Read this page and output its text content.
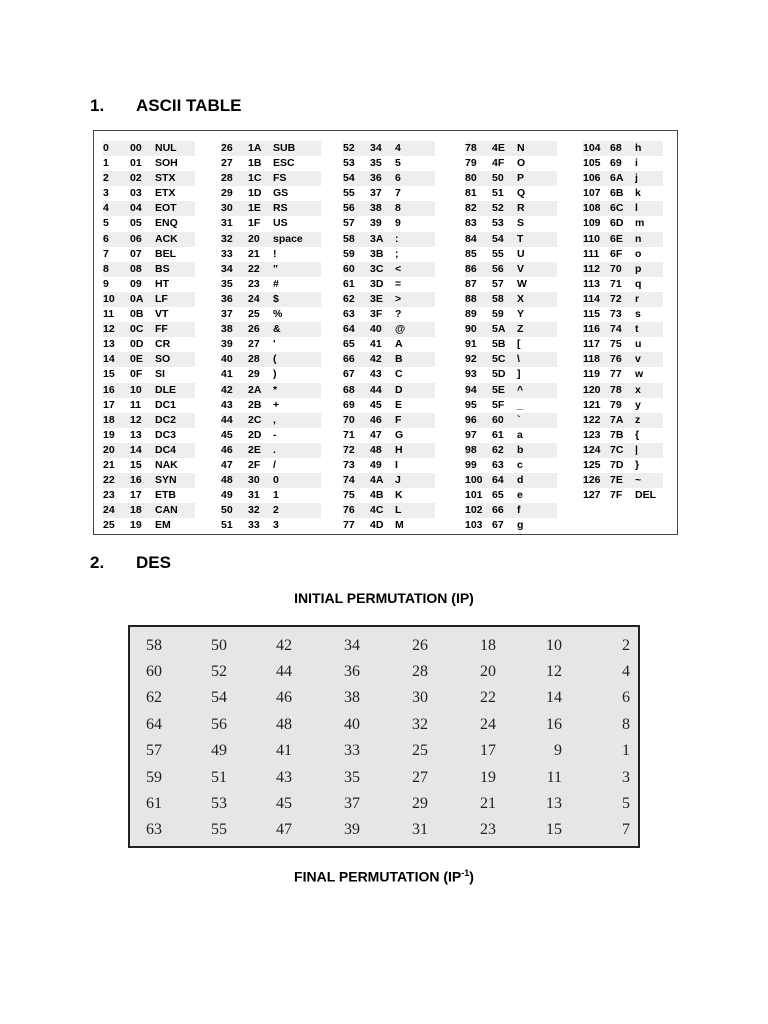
1. ASCII TABLE
0 00 NUL
1 01 SOH
2 02 STX
3 03 ETX
4 04 EOT
5 05 ENQ
6 06 ACK
7 07 BEL
8 08 BS
9 09 HT
10 0A LF
11 0B VT
12 0C FF
13 0D CR
14 0E SO
15 0F SI
16 10 DLE
17 11 DC1
18 12 DC2
19 13 DC3
20 14 DC4
21 15 NAK
22 16 SYN
23 17 ETB
24 18 CAN
25 19 EM
26 1A SUB
27 1B ESC
28 1C FS
29 1D GS
30 1E RS
31 1F US
32 20 space
33 21 !
34 22 "
35 23 #
36 24 $
37 25 %
38 26 &
39 27 '
40 28 (
41 29 )
42 2A *
43 2B +
44 2C ,
45 2D -
46 2E .
47 2F /
48 30 0
49 31 1
50 32 2
51 33 3
52 34 4
53 35 5
54 36 6
55 37 7
56 38 8
57 39 9
58 3A :
59 3B ;
60 3C <
61 3D =
62 3E >
63 3F ?
64 40 @
65 41 A
66 42 B
67 43 C
68 44 D
69 45 E
70 46 F
71 47 G
72 48 H
73 49 I
74 4A J
75 4B K
76 4C L
77 4D M
78 4E N
79 4F O
80 50 P
81 51 Q
82 52 R
83 53 S
84 54 T
85 55 U
86 56 V
87 57 W
88 58 X
89 59 Y
90 5A Z
91 5B [
92 5C \
93 5D ]
94 5E ^
95 5F _
96 60 `
97 61 a
98 62 b
99 63 c
100 64 d
101 65 e
102 66 f
103 67 g
104 68 h
105 69 i
106 6A j
107 6B k
108 6C l
109 6D m
110 6E n
111 6F o
112 70 p
113 71 q
114 72 r
115 73 s
116 74 t
117 75 u
118 76 v
119 77 w
120 78 x
121 79 y
122 7A z
123 7B {
124 7C |
125 7D }
126 7E ~
127 7F DEL
2. DES
INITIAL PERMUTATION (IP)
58	50	42	34	26	18	10	2
60	52	44	36	28	20	12	4
62	54	46	38	30	22	14	6
64	56	48	40	32	24	16	8
57	49	41	33	25	17	9	1
59	51	43	35	27	19	11	3
61	53	45	37	29	21	13	5
63	55	47	39	31	23	15	7
FINAL PERMUTATION $(IP^{-1})$
